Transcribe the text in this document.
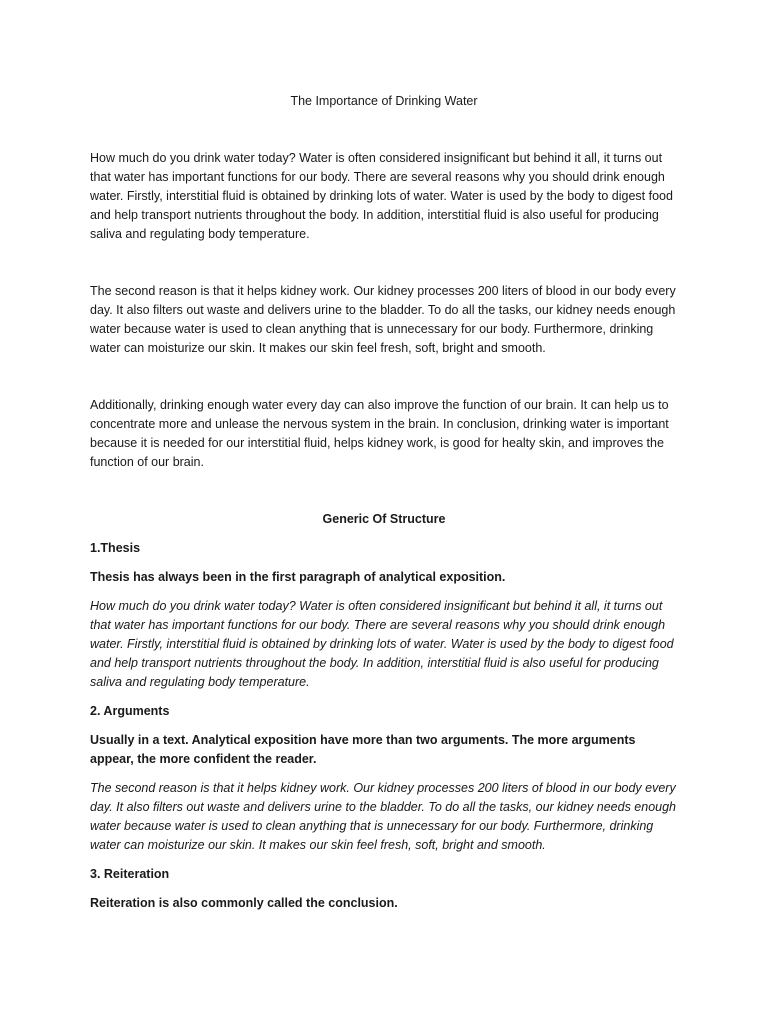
The Importance of Drinking Water

How much do you drink water today? Water is often considered insignificant but behind it all, it turns out that water has important functions for our body. There are several reasons why you should drink enough water. Firstly, interstitial fluid is obtained by drinking lots of water. Water is used by the body to digest food and help transport nutrients throughout the body. In addition, interstitial fluid is also useful for producing saliva and regulating body temperature.

The second reason is that it helps kidney work. Our kidney processes 200 liters of blood in our body every day. It also filters out waste and delivers urine to the bladder. To do all the tasks, our kidney needs enough water because water is used to clean anything that is unnecessary for our body. Furthermore, drinking water can moisturize our skin. It makes our skin feel fresh, soft, bright and smooth.

Additionally, drinking enough water every day can also improve the function of our brain. It can help us to concentrate more and unlease the nervous system in the brain. In conclusion, drinking water is important because it is needed for our interstitial fluid, helps kidney work, is good for healty skin, and improves the function of our brain.

Generic Of Structure

1.Thesis

Thesis has always been in the first paragraph of analytical exposition.

How much do you drink water today? Water is often considered insignificant but behind it all, it turns out that water has important functions for our body. There are several reasons why you should drink enough water. Firstly, interstitial fluid is obtained by drinking lots of water. Water is used by the body to digest food and help transport nutrients throughout the body. In addition, interstitial fluid is also useful for producing saliva and regulating body temperature.

2. Arguments

Usually in a text. Analytical exposition have more than two arguments. The more arguments appear, the more confident the reader.

The second reason is that it helps kidney work. Our kidney processes 200 liters of blood in our body every day. It also filters out waste and delivers urine to the bladder. To do all the tasks, our kidney needs enough water because water is used to clean anything that is unnecessary for our body. Furthermore, drinking water can moisturize our skin. It makes our skin feel fresh, soft, bright and smooth.

3. Reiteration

Reiteration is also commonly called the conclusion.
